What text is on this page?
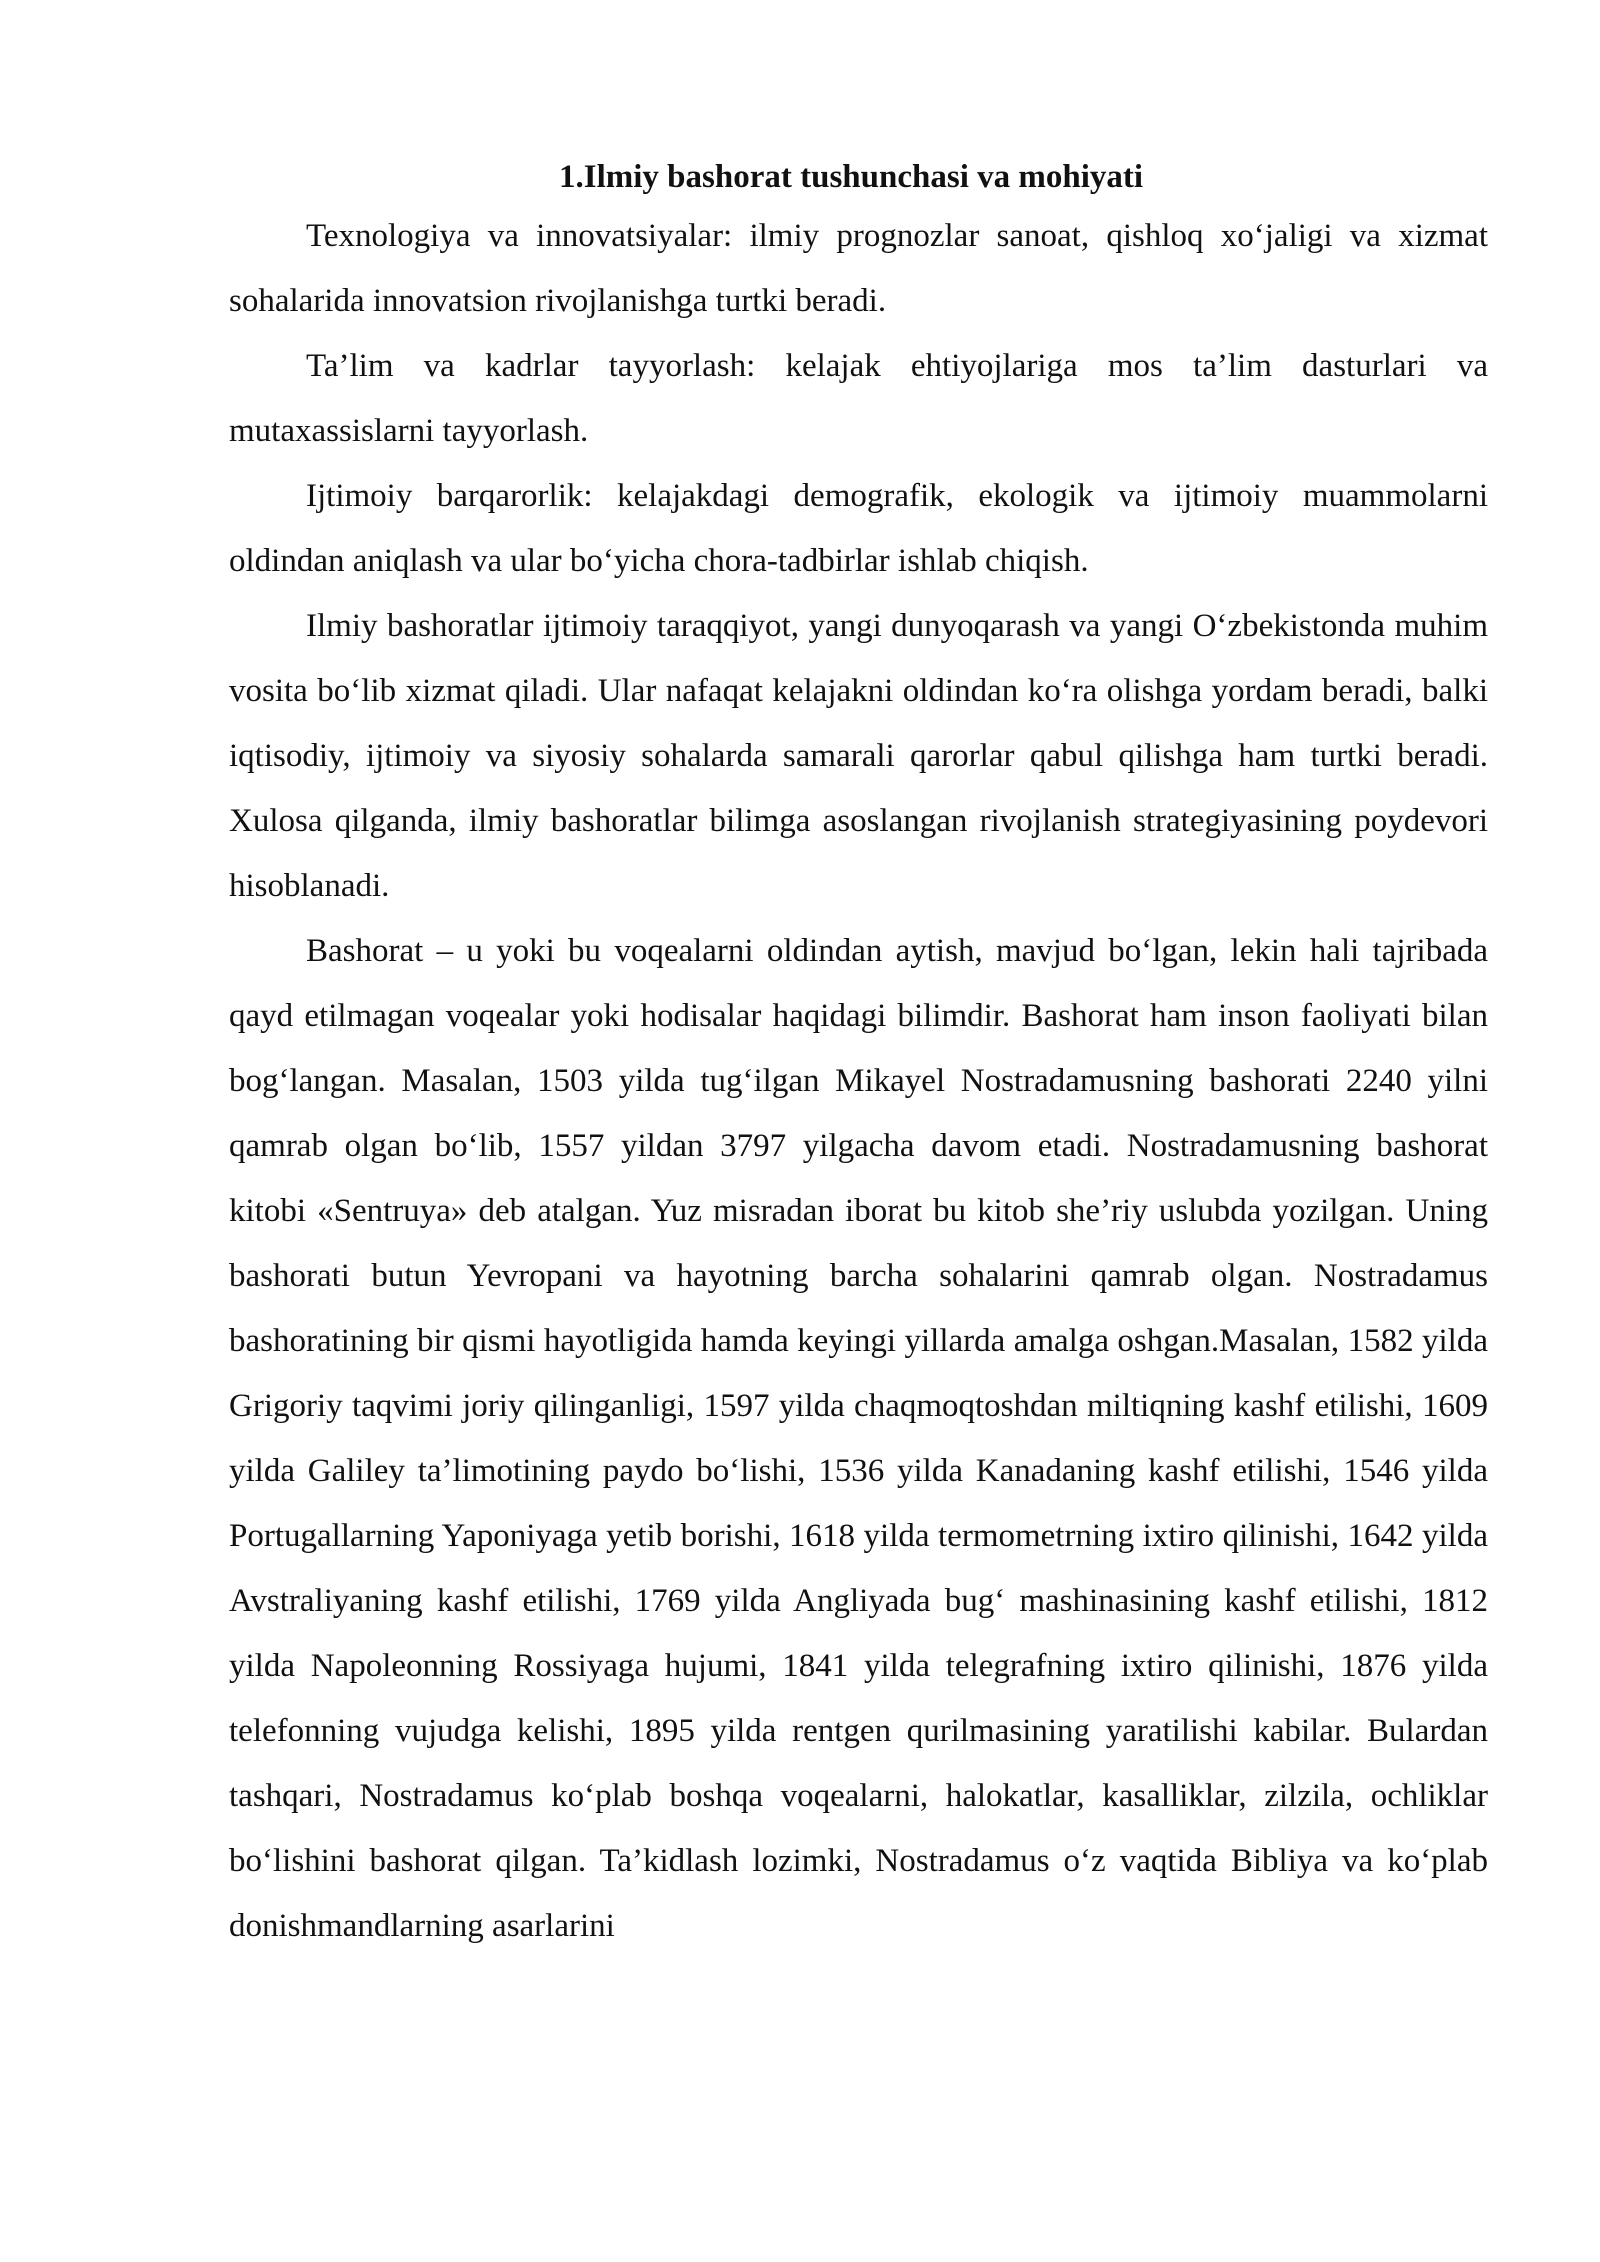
1.Ilmiy bashorat tushunchasi va mohiyati

Texnologiya va innovatsiyalar: ilmiy prognozlar sanoat, qishloq xo‘jaligi va xizmat sohalarida innovatsion rivojlanishga turtki beradi.

Ta’lim va kadrlar tayyorlash: kelajak ehtiyojlariga mos ta’lim dasturlari va mutaxassislarni tayyorlash.

Ijtimoiy barqarorlik: kelajakdagi demografik, ekologik va ijtimoiy muammolarni oldindan aniqlash va ular bo‘yicha chora-tadbirlar ishlab chiqish.

Ilmiy bashoratlar ijtimoiy taraqqiyot, yangi dunyoqarash va yangi O‘zbekistonda muhim vosita bo‘lib xizmat qiladi. Ular nafaqat kelajakni oldindan ko‘ra olishga yordam beradi, balki iqtisodiy, ijtimoiy va siyosiy sohalarda samarali qarorlar qabul qilishga ham turtki beradi. Xulosa qilganda, ilmiy bashoratlar bilimga asoslangan rivojlanish strategiyasining poydevori hisoblanadi.

Bashorat – u yoki bu voqealarni oldindan aytish, mavjud bo‘lgan, lekin hali tajribada qayd etilmagan voqealar yoki hodisalar haqidagi bilimdir. Bashorat ham inson faoliyati bilan bog‘langan. Masalan, 1503 yilda tug‘ilgan Mikayel Nostradamusning bashorati 2240 yilni qamrab olgan bo‘lib, 1557 yildan 3797 yilgacha davom etadi. Nostradamusning bashorat kitobi «Sentruya» deb atalgan. Yuz misradan iborat bu kitob she’riy uslubda yozilgan. Uning bashorati butun Yevropani va hayotning barcha sohalarini qamrab olgan. Nostradamus bashoratining bir qismi hayotligida hamda keyingi yillarda amalga oshgan.Masalan, 1582 yilda Grigoriy taqvimi joriy qilinganligi, 1597 yilda chaqmoqtoshdan miltiqning kashf etilishi, 1609 yilda Galiley ta’limotining paydo bo‘lishi, 1536 yilda Kanadaning kashf etilishi, 1546 yilda Portugallarning Yaponiyaga yetib borishi, 1618 yilda termometrning ixtiro qilinishi, 1642 yilda Avstraliyaning kashf etilishi, 1769 yilda Angliyada bug‘ mashinasining kashf etilishi, 1812 yilda Napoleonning Rossiyaga hujumi, 1841 yilda telegrafning ixtiro qilinishi, 1876 yilda telefonning vujudga kelishi, 1895 yilda rentgen qurilmasining yaratilishi kabilar. Bulardan tashqari, Nostradamus ko‘plab boshqa voqealarni, halokatlar, kasalliklar, zilzila, ochliklar bo‘lishini bashorat qilgan. Ta’kidlash lozimki, Nostradamus o‘z vaqtida Bibliya va ko‘plab donishmandlarning asarlarini
